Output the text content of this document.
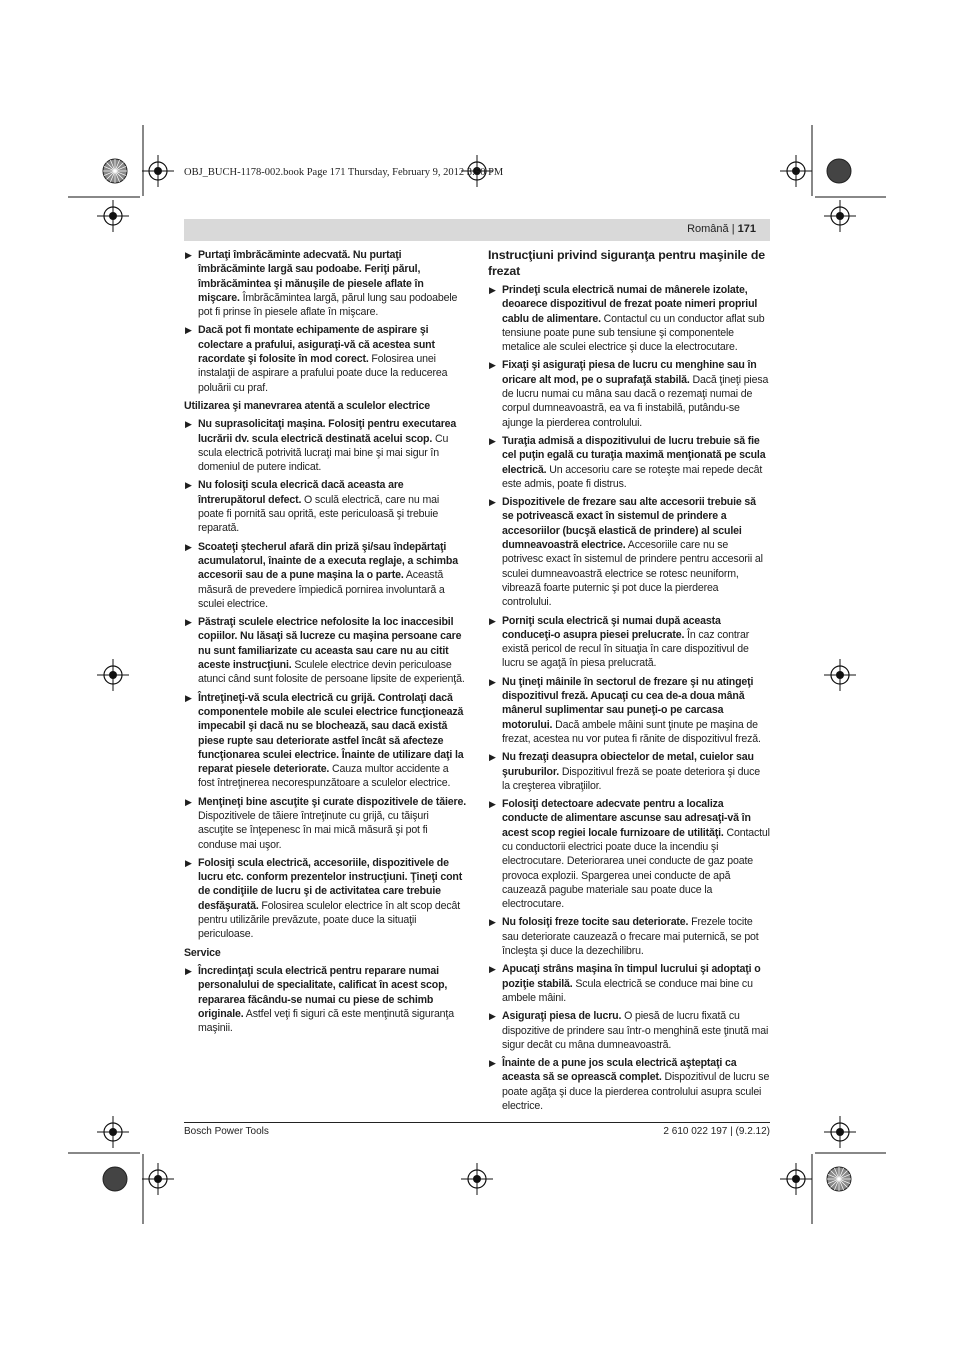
OBJ_BUCH-1178-002.book Page 171 Thursday, February 9, 2012 3:50 PM
Română | 171
▶ Purtaţi îmbrăcăminte adecvată. Nu purtaţi îmbrăcăminte largă sau podoabe. Feriţi părul, îmbrăcămintea şi mănuşile de piesele aflate în mişcare. Îmbrăcămintea largă, părul lung sau podoabele pot fi prinse în piesele aflate în mişcare.
▶ Dacă pot fi montate echipamente de aspirare şi colectare a prafului, asiguraţi-vă că acestea sunt racordate şi folosite în mod corect. Folosirea unei instalaţii de aspirare a prafului poate duce la reducerea poluării cu praf.
Utilizarea şi manevrarea atentă a sculelor electrice
▶ Nu suprasolicitaţi maşina. Folosiţi pentru executarea lucrării dv. scula electrică destinată acelui scop. Cu scula electrică potrivită lucraţi mai bine şi mai sigur în domeniul de putere indicat.
▶ Nu folosiţi scula elecrică dacă aceasta are întrerupătorul defect. O sculă electrică, care nu mai poate fi pornită sau oprită, este periculoasă şi trebuie reparată.
▶ Scoateţi ştecherul afară din priză şi/sau îndepărtaţi acumulatorul, înainte de a executa reglaje, a schimba accesorii sau de a pune maşina la o parte. Această măsură de prevedere împiedică pornirea involuntară a sculei electrice.
▶ Păstraţi sculele electrice nefolosite la loc inaccesibil copiilor. Nu lăsaţi să lucreze cu maşina persoane care nu sunt familiarizate cu aceasta sau care nu au citit aceste instrucţiuni. Sculele electrice devin periculoase atunci când sunt folosite de persoane lipsite de experienţă.
▶ Întreţineţi-vă scula electrică cu grijă. Controlaţi dacă componentele mobile ale sculei electrice funcţionează impecabil şi dacă nu se blochează, sau dacă există piese rupte sau deteriorate astfel încât să afecteze funcţionarea sculei electrice. Înainte de utilizare daţi la reparat piesele deteriorate. Cauza multor accidente a fost întreţinerea necorespunzătoare a sculelor electrice.
▶ Menţineţi bine ascuţite şi curate dispozitivele de tăiere. Dispozitivele de tăiere întreţinute cu grijă, cu tăişuri ascuţite se înţepenesc în mai mică măsură şi pot fi conduse mai uşor.
▶ Folosiţi scula electrică, accesoriile, dispozitivele de lucru etc. conform prezentelor instrucţiuni. Ţineţi cont de condiţiile de lucru şi de activitatea care trebuie desfăşurată. Folosirea sculelor electrice în alt scop decât pentru utilizările prevăzute, poate duce la situaţii periculoase.
Service
▶ Încredinţaţi scula electrică pentru reparare numai personalului de specialitate, calificat în acest scop, repararea făcându-se numai cu piese de schimb originale. Astfel veţi fi siguri că este menţinută siguranţa maşinii.
Instrucţiuni privind siguranţa pentru maşinile de frezat
▶ Prindeţi scula electrică numai de mânerele izolate, deoarece dispozitivul de frezat poate nimeri propriul cablu de alimentare. Contactul cu un conductor aflat sub tensiune poate pune sub tensiune şi componentele metalice ale sculei electrice şi duce la electrocutare.
▶ Fixaţi şi asiguraţi piesa de lucru cu menghine sau în oricare alt mod, pe o suprafaţă stabilă. Dacă ţineţi piesa de lucru numai cu mâna sau dacă o rezemaţi numai de corpul dumneavoastră, ea va fi instabilă, putându-se ajunge la pierderea controlului.
▶ Turaţia admisă a dispozitivului de lucru trebuie să fie cel puţin egală cu turaţia maximă menţionată pe scula electrică. Un accesoriu care se roteşte mai repede decât este admis, poate fi distrus.
▶ Dispozitivele de frezare sau alte accesorii trebuie să se potrivească exact în sistemul de prindere a accesoriilor (bucşă elastică de prindere) al sculei dumneavoastră electrice. Accesoriile care nu se potrivesc exact în sistemul de prindere pentru accesorii al sculei dumneavoastră electrice se rotesc neuniform, vibrează foarte puternic şi pot duce la pierderea controlului.
▶ Porniţi scula electrică şi numai după aceasta conduceţi-o asupra piesei prelucrate. În caz contrar există pericol de recul în situaţia în care dispozitivul de lucru se agaţă în piesa prelucrată.
▶ Nu ţineţi mâinile în sectorul de frezare şi nu atingeţi dispozitivul frezǎ. Apucaţi cu cea de-a doua mână mânerul suplimentar sau puneţi-o pe carcasa motorului. Dacă ambele mâini sunt ţinute pe maşina de frezat, acestea nu vor putea fi rănite de dispozitivul frezǎ.
▶ Nu frezaţi deasupra obiectelor de metal, cuielor sau şuruburilor. Dispozitivul frezǎ se poate deteriora şi duce la creşterea vibraţiilor.
▶ Folosiţi detectoare adecvate pentru a localiza conducte de alimentare ascunse sau adresaţi-vă în acest scop regiei locale furnizoare de utilităţi. Contactul cu conductorii electrici poate duce la incendiu şi electrocutare. Deteriorarea unei conducte de gaz poate provoca explozii. Spargerea unei conducte de apă cauzează pagube materiale sau poate duce la electrocutare.
▶ Nu folosiţi freze tocite sau deteriorate. Frezele tocite sau deteriorate cauzează o frecare mai puternică, se pot încleşta şi duce la dezechilibru.
▶ Apucaţi strâns maşina în timpul lucrului şi adoptaţi o poziţie stabilă. Scula electrică se conduce mai bine cu ambele mâini.
▶ Asiguraţi piesa de lucru. O piesă de lucru fixată cu dispozitive de prindere sau într-o menghină este ţinută mai sigur decât cu mâna dumneavoastră.
▶ Înainte de a pune jos scula electrică aşteptaţi ca aceasta să se oprească complet. Dispozitivul de lucru se poate agăţa şi duce la pierderea controlului asupra sculei electrice.
Bosch Power Tools	2 610 022 197 | (9.2.12)
